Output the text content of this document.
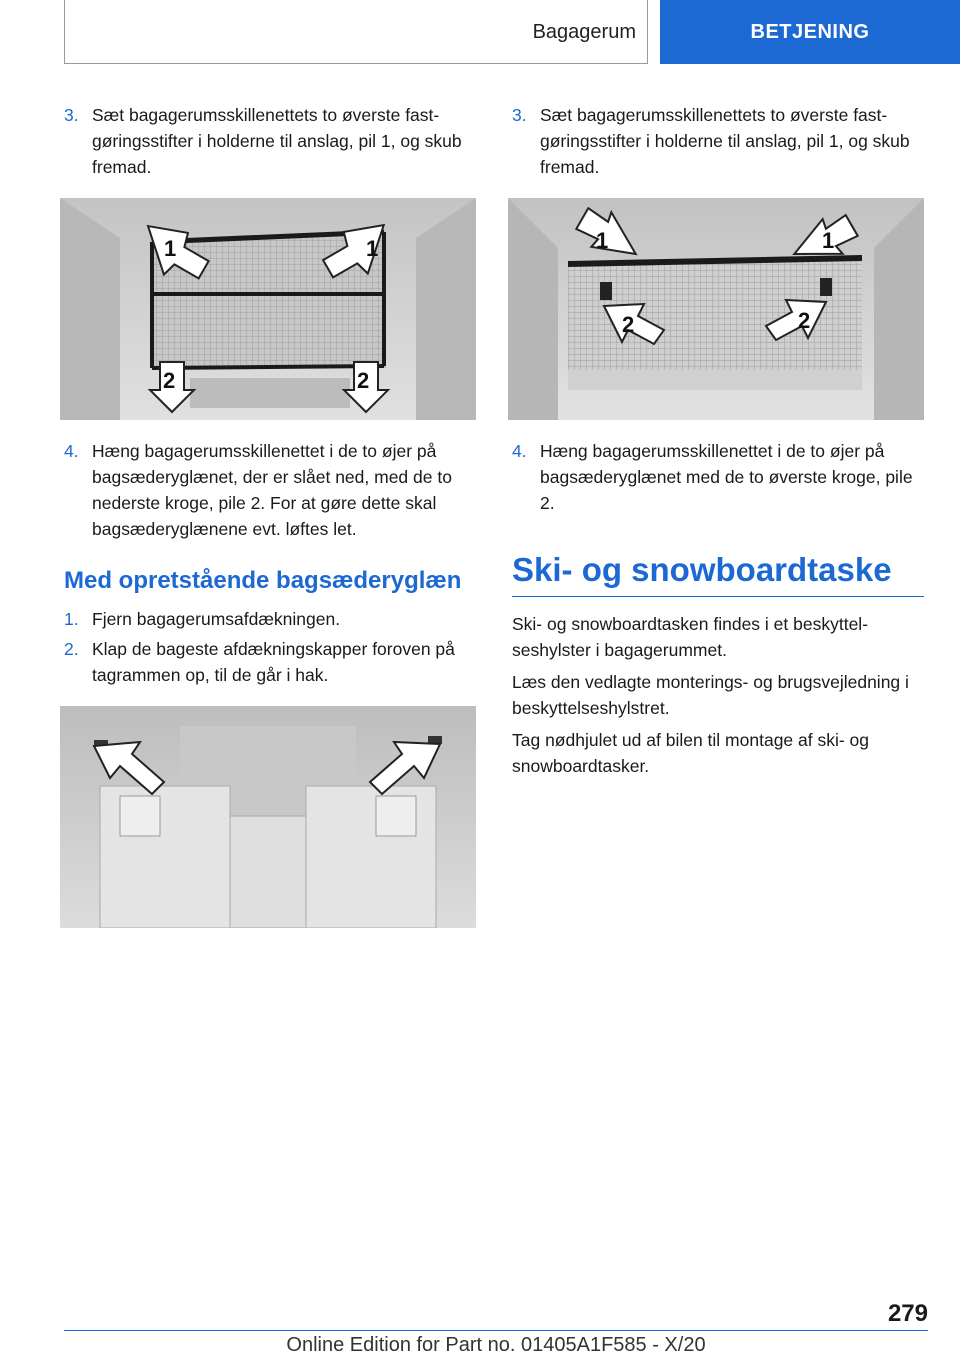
Bagagerum	BETJENING
3. Sæt bagagerumsskillenettets to øverste fastgøringsstifter i holderne til anslag, pil 1, og skub fremad.
1	1
2	2
4. Hæng bagagerumsskillenettet i de to øjer på bagsæderyglænet, der er slået ned, med de to nederste kroge, pile 2. For at gøre dette skal bagsæderyglænene evt. løftes let.
Med opretstående bagsæderyglæn
1. Fjern bagagerumsafdækningen.
2. Klap de bageste afdækningskapper foroven på tagrammen op, til de går i hak.
3. Sæt bagagerumsskillenettets to øverste fastgøringsstifter i holderne til anslag, pil 1, og skub fremad.
1	1
2	2
4. Hæng bagagerumsskillenettet i de to øjer på bagsæderyglænet med de to øverste kroge, pile 2.
Ski- og snowboardtaske
Ski- og snowboardtasken findes i et beskyttelseshylster i bagagerummet.
Læs den vedlagte monterings- og brugsvejledning i beskyttelseshylstret.
Tag nødhjulet ud af bilen til montage af ski- og snowboardtasker.
279
Online Edition for Part no. 01405A1F585 - X/20
